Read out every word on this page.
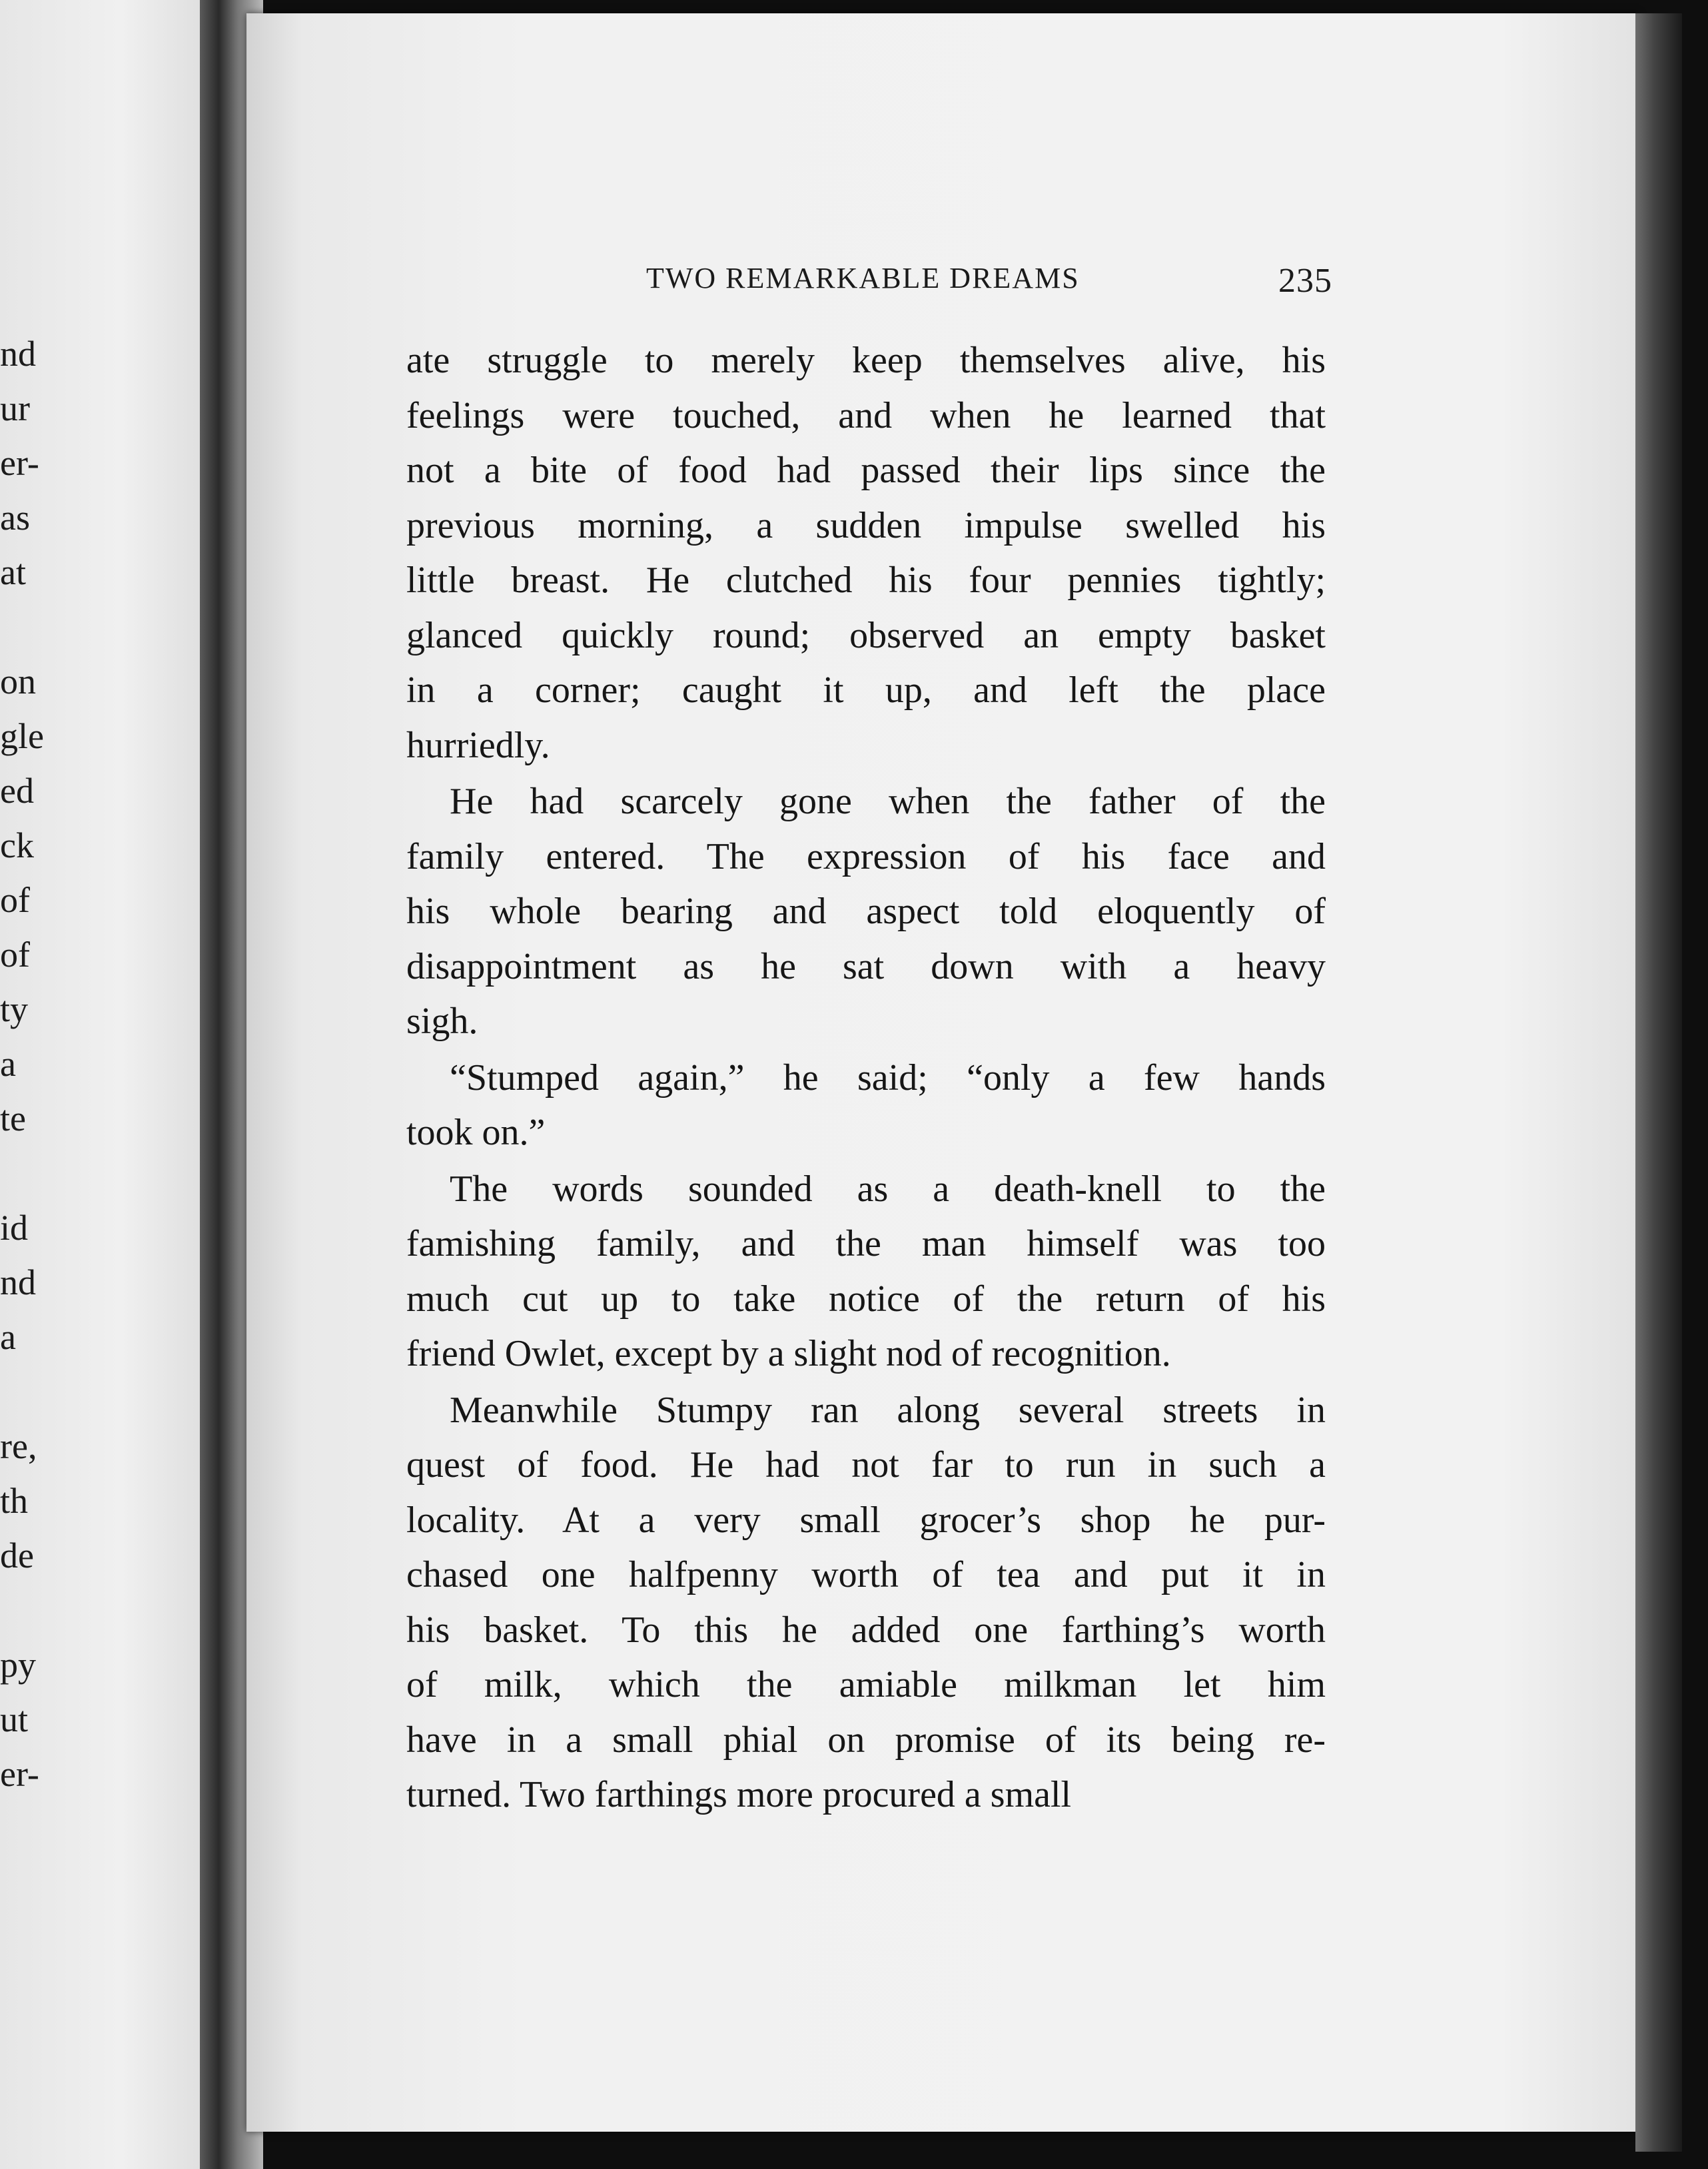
nd
ur
er-
as
at
on
gle
ed
ck
of
of
ty
a
te
id
nd
a
re,
th
de
py
ut
er-
TWO REMARKABLE DREAMS	235
ate struggle to merely keep themselves alive, his
feelings were touched, and when he learned that
not a bite of food had passed their lips since the
previous morning, a sudden impulse swelled his
little breast. He clutched his four pennies tightly;
glanced quickly round; observed an empty basket
in a corner; caught it up, and left the place
hurriedly.
He had scarcely gone when the father of the
family entered. The expression of his face and
his whole bearing and aspect told eloquently of
disappointment as he sat down with a heavy
sigh.
“Stumped again,” he said; “only a few hands
took on.”
The words sounded as a death-knell to the
famishing family, and the man himself was too
much cut up to take notice of the return of his
friend Owlet, except by a slight nod of recognition.
Meanwhile Stumpy ran along several streets in
quest of food. He had not far to run in such a
locality. At a very small grocer’s shop he pur-
chased one halfpenny worth of tea and put it in
his basket. To this he added one farthing’s worth
of milk, which the amiable milkman let him
have in a small phial on promise of its being re-
turned. Two farthings more procured a small
